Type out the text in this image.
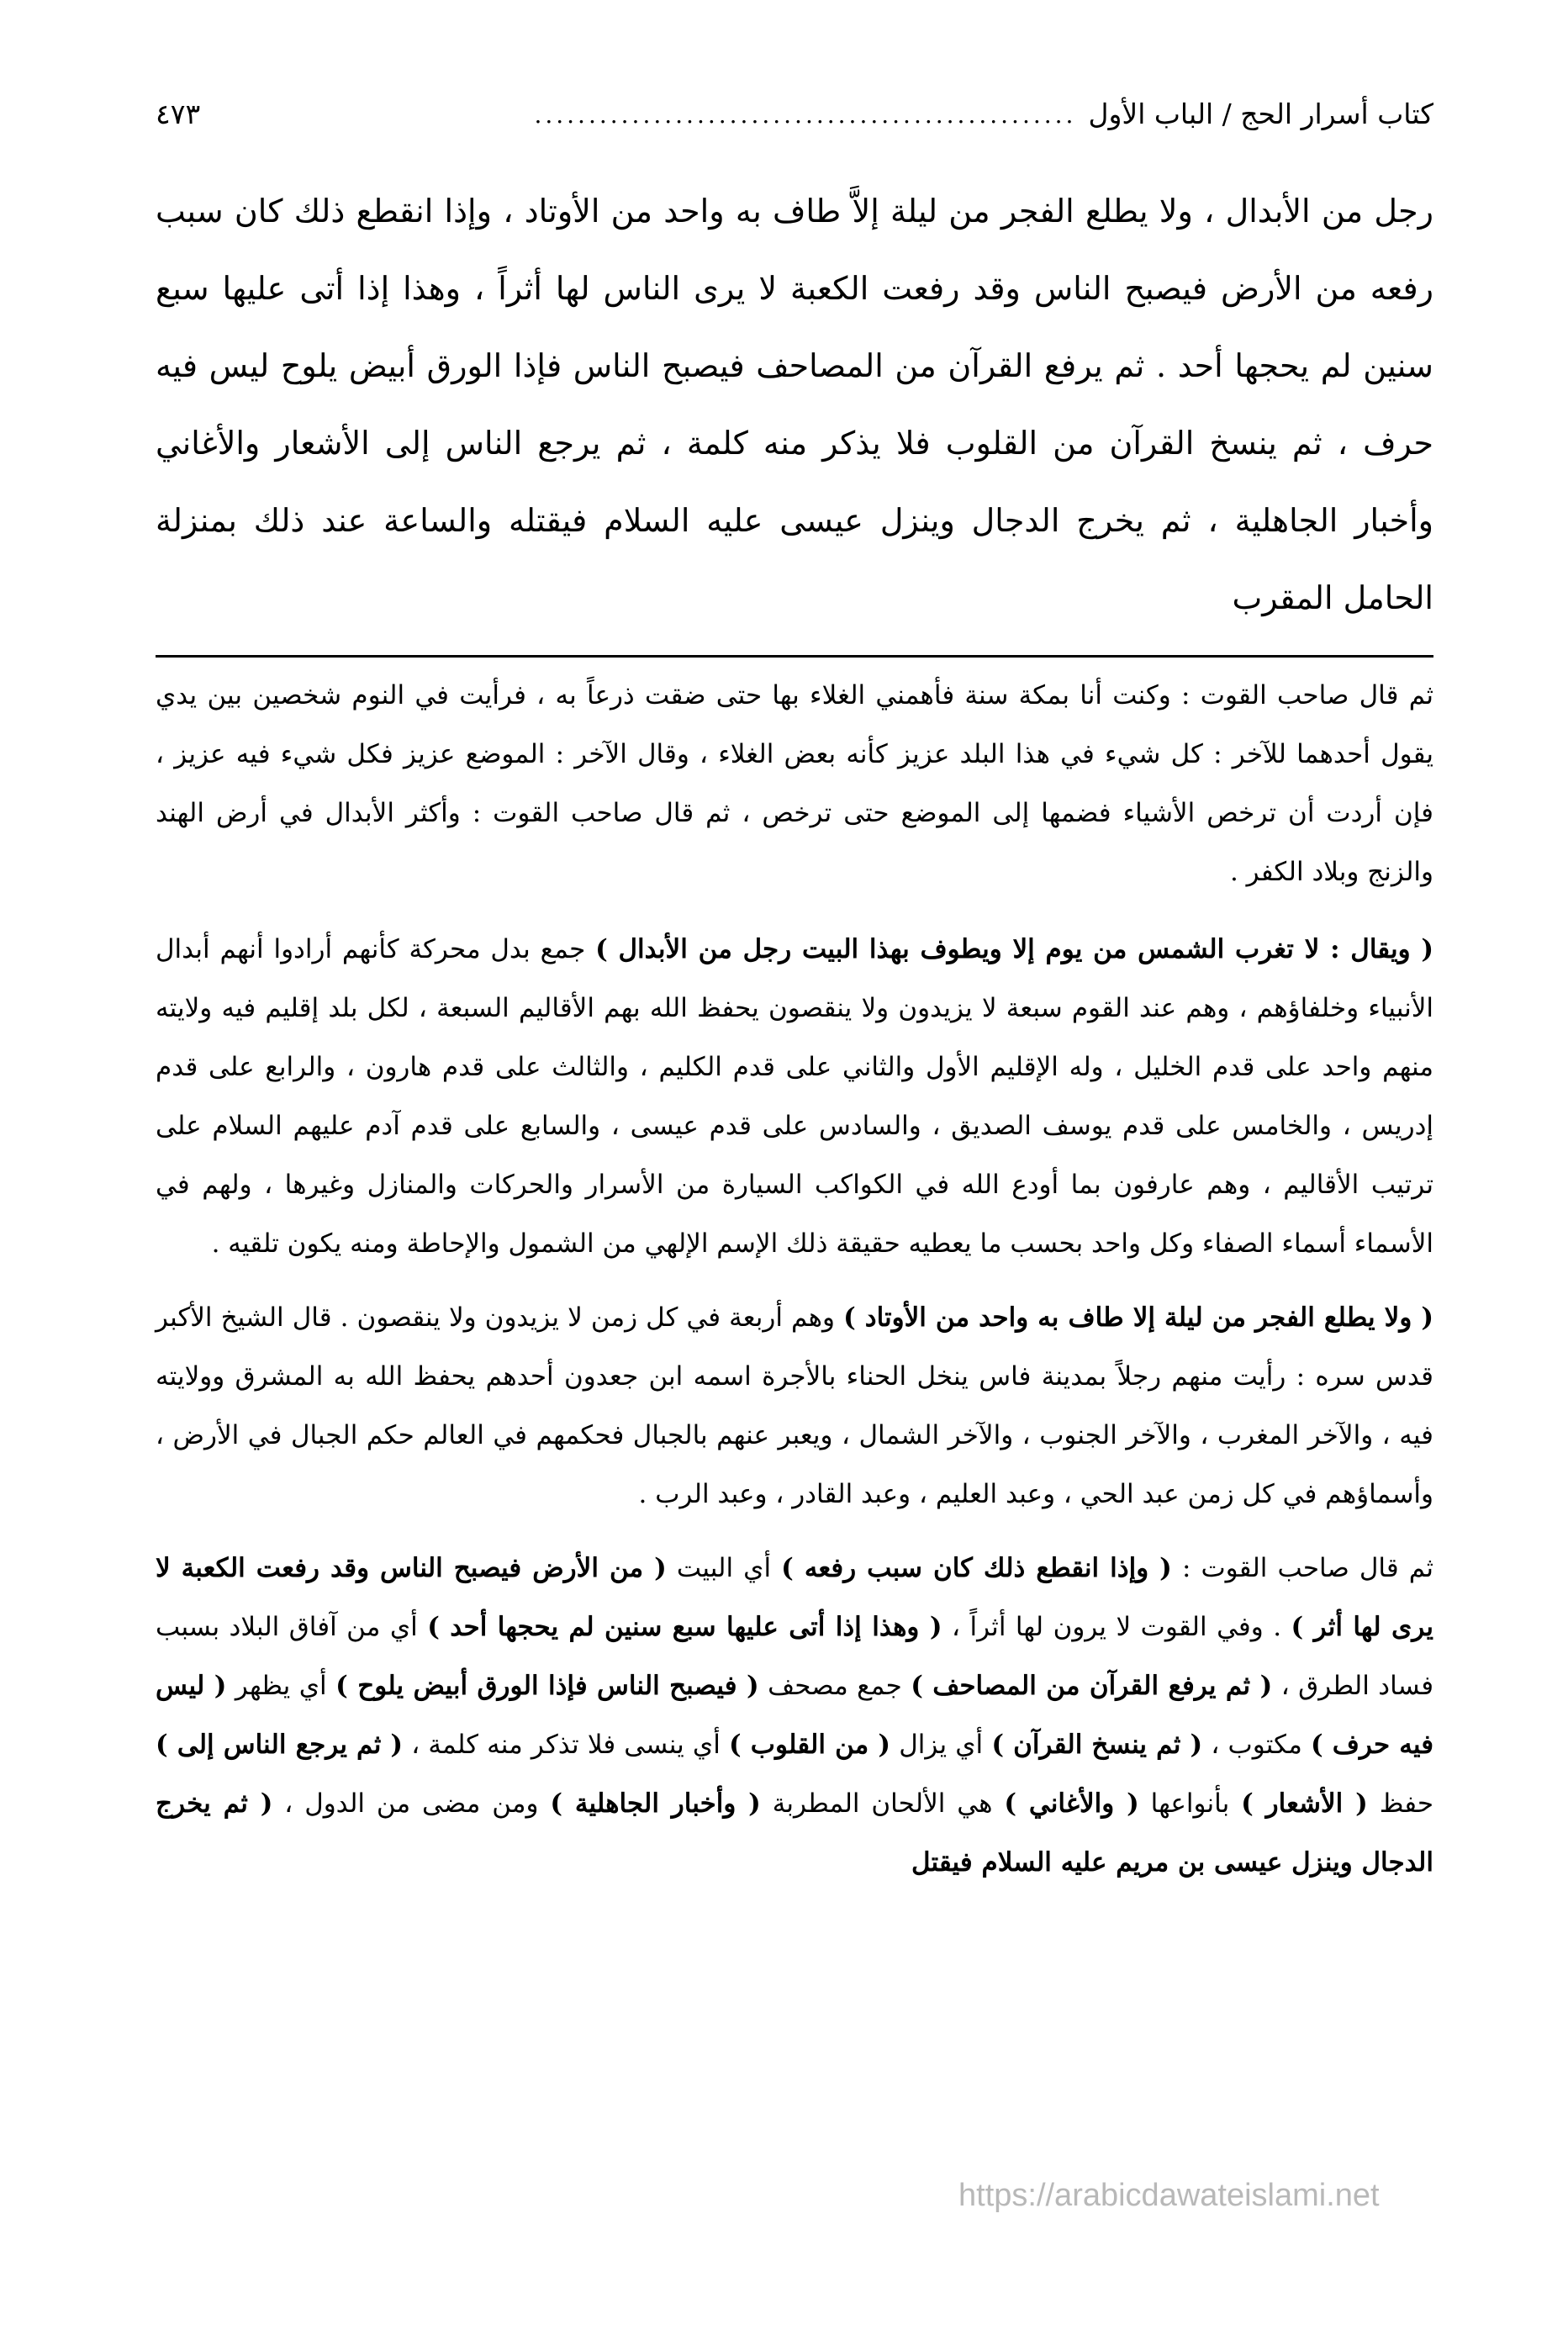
كتاب أسرار الحج / الباب الأول
..................................................
٤٧٣
رجل من الأبدال ، ولا يطلع الفجر من ليلة إلاَّ طاف به واحد من الأوتاد ، وإذا انقطع ذلك كان سبب رفعه من الأرض فيصبح الناس وقد رفعت الكعبة لا يرى الناس لها أثراً ، وهذا إذا أتى عليها سبع سنين لم يحجها أحد . ثم يرفع القرآن من المصاحف فيصبح الناس فإذا الورق أبيض يلوح ليس فيه حرف ، ثم ينسخ القرآن من القلوب فلا يذكر منه كلمة ، ثم يرجع الناس إلى الأشعار والأغاني وأخبار الجاهلية ، ثم يخرج الدجال وينزل عيسى عليه السلام فيقتله والساعة عند ذلك بمنزلة الحامل المقرب

ثم قال صاحب القوت : وكنت أنا بمكة سنة فأهمني الغلاء بها حتى ضقت ذرعاً به ، فرأيت في النوم شخصين بين يدي يقول أحدهما للآخر : كل شيء في هذا البلد عزيز كأنه بعض الغلاء ، وقال الآخر : الموضع عزيز فكل شيء فيه عزيز ، فإن أردت أن ترخص الأشياء فضمها إلى الموضع حتى ترخص ، ثم قال صاحب القوت : وأكثر الأبدال في أرض الهند والزنج وبلاد الكفر .

( ويقال : لا تغرب الشمس من يوم إلا ويطوف بهذا البيت رجل من الأبدال ) جمع بدل محركة كأنهم أرادوا أنهم أبدال الأنبياء وخلفاؤهم ، وهم عند القوم سبعة لا يزيدون ولا ينقصون يحفظ الله بهم الأقاليم السبعة ، لكل بلد إقليم فيه ولايته منهم واحد على قدم الخليل ، وله الإقليم الأول والثاني على قدم الكليم ، والثالث على قدم هارون ، والرابع على قدم إدريس ، والخامس على قدم يوسف الصديق ، والسادس على قدم عيسى ، والسابع على قدم آدم عليهم السلام على ترتيب الأقاليم ، وهم عارفون بما أودع الله في الكواكب السيارة من الأسرار والحركات والمنازل وغيرها ، ولهم في الأسماء أسماء الصفاء وكل واحد بحسب ما يعطيه حقيقة ذلك الإسم الإلهي من الشمول والإحاطة ومنه يكون تلقيه .

( ولا يطلع الفجر من ليلة إلا طاف به واحد من الأوتاد ) وهم أربعة في كل زمن لا يزيدون ولا ينقصون . قال الشيخ الأكبر قدس سره : رأيت منهم رجلاً بمدينة فاس ينخل الحناء بالأجرة اسمه ابن جعدون أحدهم يحفظ الله به المشرق وولايته فيه ، والآخر المغرب ، والآخر الجنوب ، والآخر الشمال ، ويعبر عنهم بالجبال فحكمهم في العالم حكم الجبال في الأرض ، وأسماؤهم في كل زمن عبد الحي ، وعبد العليم ، وعبد القادر ، وعبد الرب .

ثم قال صاحب القوت : ( وإذا انقطع ذلك كان سبب رفعه ) أي البيت ( من الأرض فيصبح الناس وقد رفعت الكعبة لا يرى لها أثر ) . وفي القوت لا يرون لها أثراً ، ( وهذا إذا أتى عليها سبع سنين لم يحجها أحد ) أي من آفاق البلاد بسبب فساد الطرق ، ( ثم يرفع القرآن من المصاحف ) جمع مصحف ( فيصبح الناس فإذا الورق أبيض يلوح ) أي يظهر ( ليس فيه حرف ) مكتوب ، ( ثم ينسخ القرآن ) أي يزال ( من القلوب ) أي ينسى فلا تذكر منه كلمة ، ( ثم يرجع الناس إلى ) حفظ ( الأشعار ) بأنواعها ( والأغاني ) هي الألحان المطربة ( وأخبار الجاهلية ) ومن مضى من الدول ، ( ثم يخرج الدجال وينزل عيسى بن مريم عليه السلام فيقتل

https://arabicdawateislami.net
